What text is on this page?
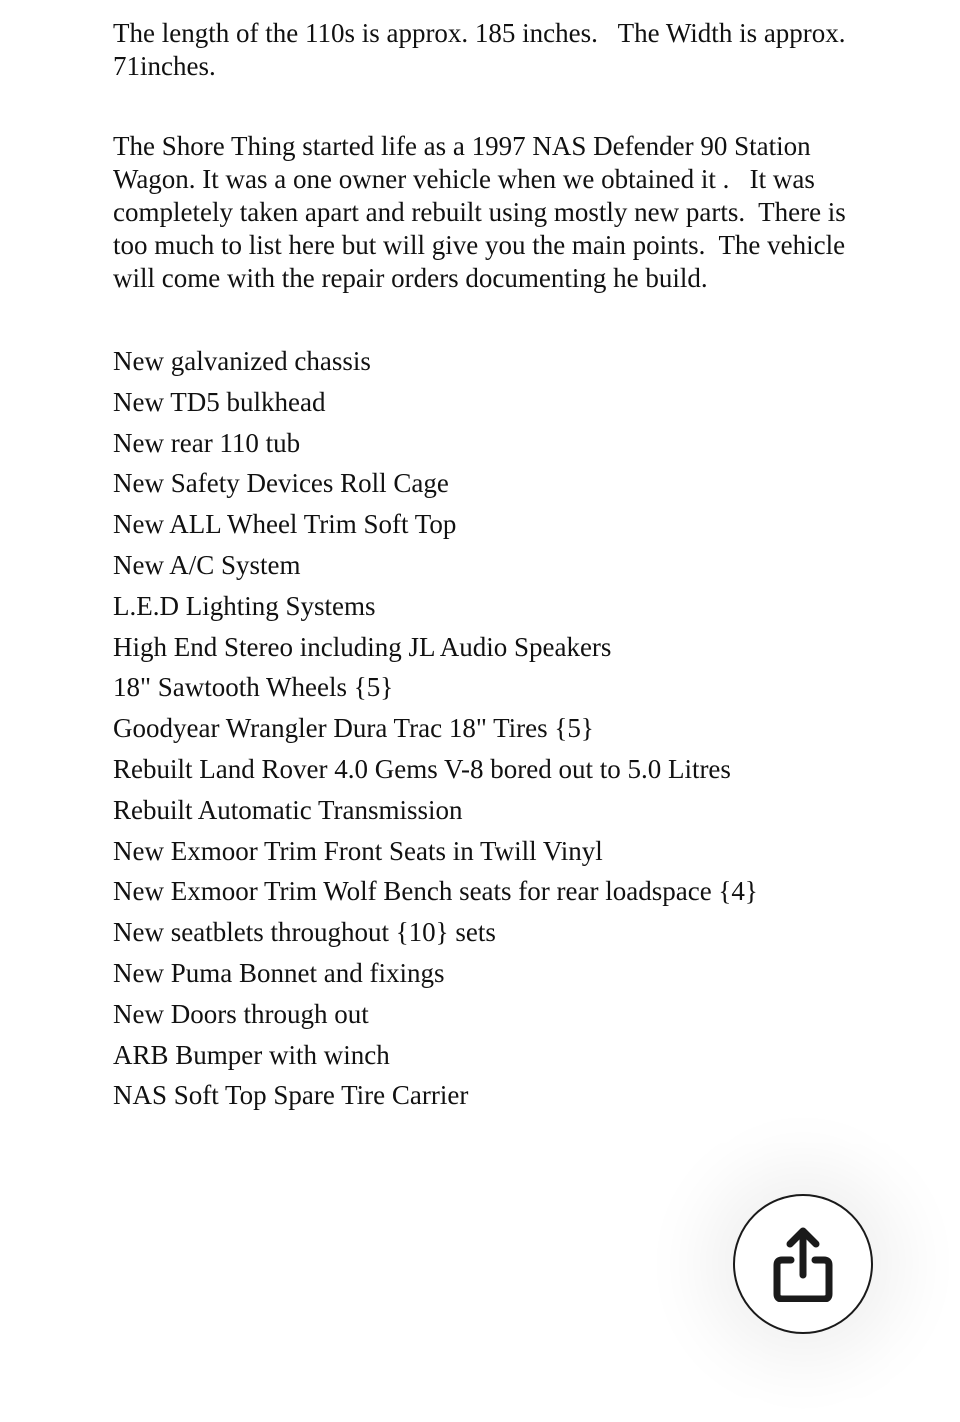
The length of the 110s is approx. 185 inches.   The Width is approx. 71inches.

The Shore Thing started life as a 1997 NAS Defender 90 Station Wagon. It was a one owner vehicle when we obtained it .   It was completely taken apart and rebuilt using mostly new parts.  There is too much to list here but will give you the main points.  The vehicle will come with the repair orders documenting he build.

New galvanized chassis
New TD5 bulkhead
New rear 110 tub
New Safety Devices Roll Cage
New ALL Wheel Trim Soft Top
New A/C System
L.E.D Lighting Systems
High End Stereo including JL Audio Speakers
18" Sawtooth Wheels {5}
Goodyear Wrangler Dura Trac 18" Tires {5}
Rebuilt Land Rover 4.0 Gems V-8 bored out to 5.0 Litres
Rebuilt Automatic Transmission
New Exmoor Trim Front Seats in Twill Vinyl
New Exmoor Trim Wolf Bench seats for rear loadspace {4}
New seatblets throughout {10} sets
New Puma Bonnet and fixings
New Doors through out
ARB Bumper with winch
NAS Soft Top Spare Tire Carrier
